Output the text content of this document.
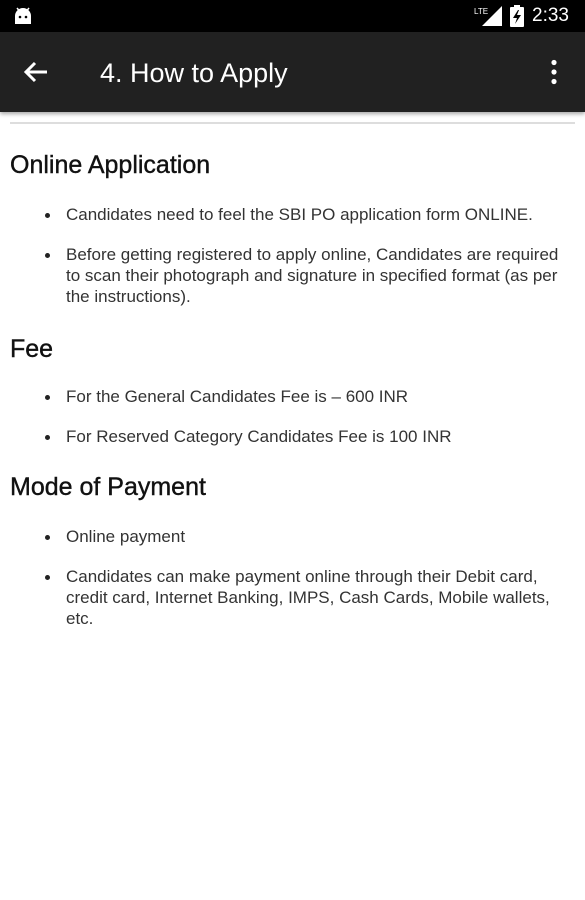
LTE 2:33
4. How to Apply
Online Application
Candidates need to feel the SBI PO application form ONLINE.
Before getting registered to apply online, Candidates are required to scan their photograph and signature in specified format (as per the instructions).
Fee
For the General Candidates Fee is – 600 INR
For Reserved Category Candidates Fee is 100 INR
Mode of Payment
Online payment
Candidates can make payment online through their Debit card, credit card, Internet Banking, IMPS, Cash Cards, Mobile wallets, etc.
